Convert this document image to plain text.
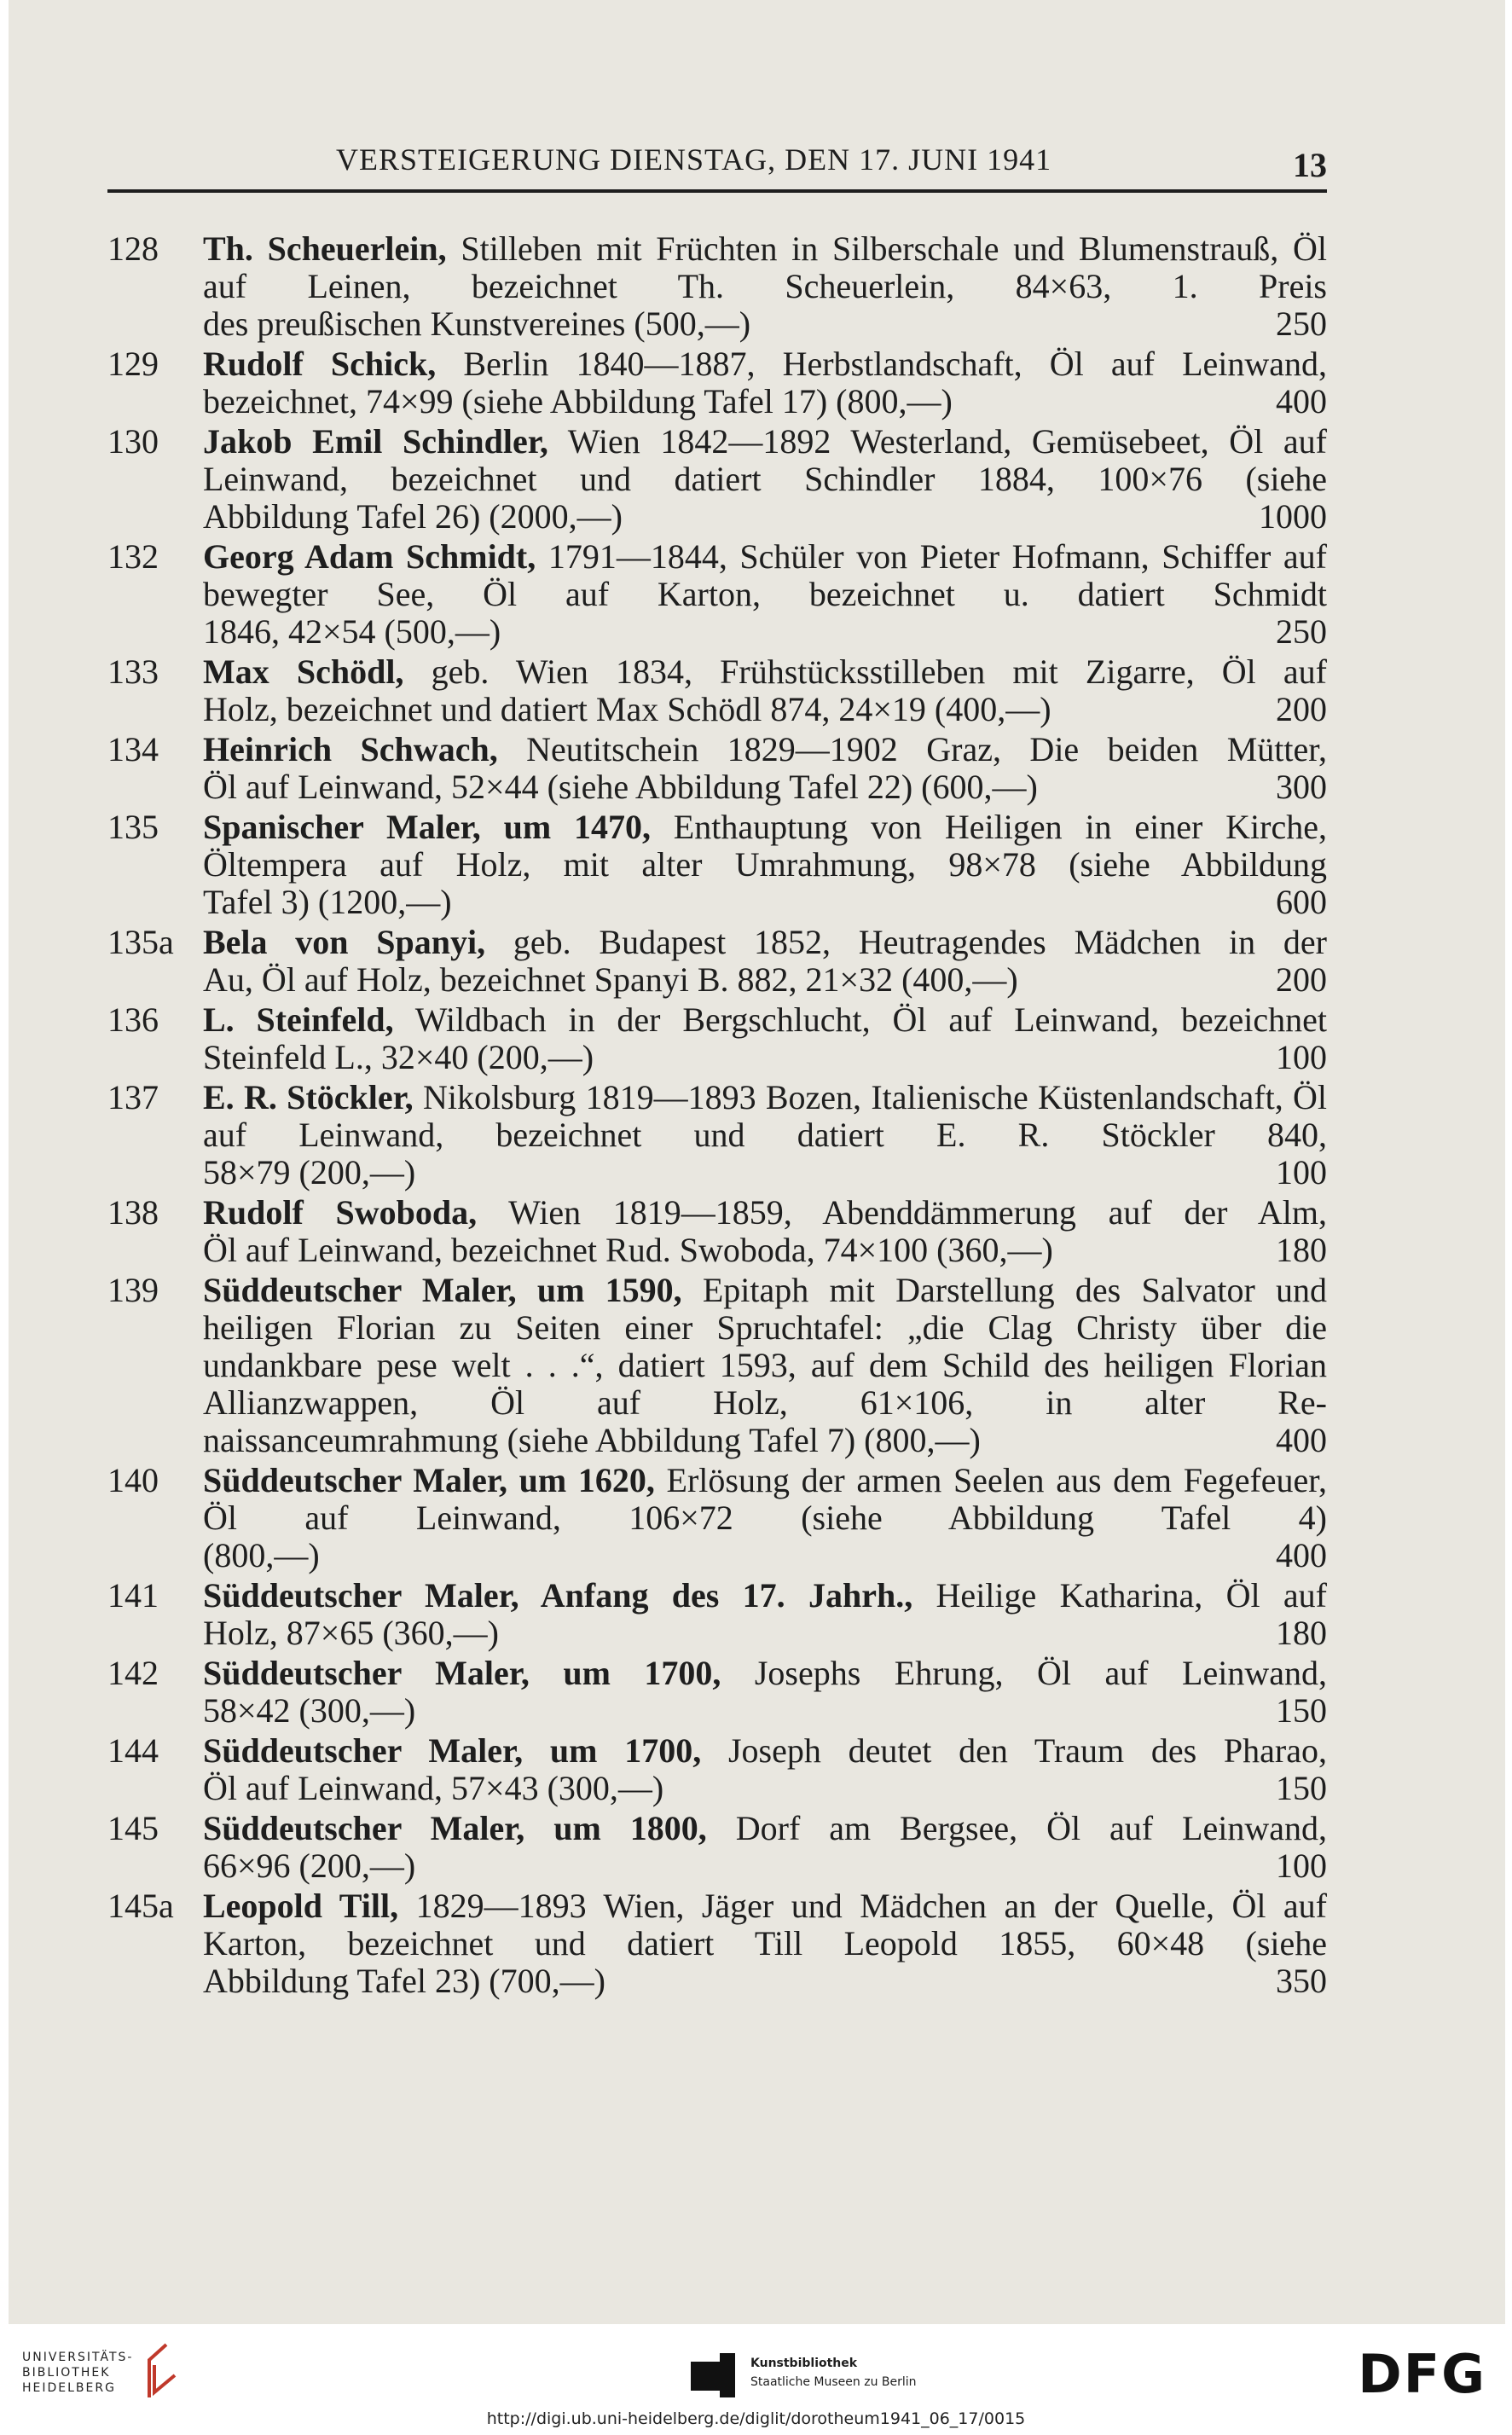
VERSTEIGERUNG DIENSTAG, DEN 17. JUNI 1941	13
128 Th. Scheuerlein, Stilleben mit Früchten in Silberschale und Blumenstrauß, Öl auf Leinen, bezeichnet Th. Scheuerlein, 84×63, 1. Preis
des preußischen Kunstvereines (500,—)	250
129 Rudolf Schick, Berlin 1840—1887, Herbstlandschaft, Öl auf Leinwand,
bezeichnet, 74×99 (siehe Abbildung Tafel 17) (800,—)	400
130 Jakob Emil Schindler, Wien 1842—1892 Westerland, Gemüsebeet, Öl auf Leinwand, bezeichnet und datiert Schindler 1884, 100×76 (siehe
Abbildung Tafel 26) (2000,—)	1000
132 Georg Adam Schmidt, 1791—1844, Schüler von Pieter Hofmann, Schiffer auf bewegter See, Öl auf Karton, bezeichnet u. datiert Schmidt
1846, 42×54 (500,—)	250
133 Max Schödl, geb. Wien 1834, Frühstücksstilleben mit Zigarre, Öl auf
Holz, bezeichnet und datiert Max Schödl 874, 24×19 (400,—)	200
134 Heinrich Schwach, Neutitschein 1829—1902 Graz, Die beiden Mütter,
Öl auf Leinwand, 52×44 (siehe Abbildung Tafel 22) (600,—)	300
135 Spanischer Maler, um 1470, Enthauptung von Heiligen in einer Kirche, Öltempera auf Holz, mit alter Umrahmung, 98×78 (siehe Abbildung
Tafel 3) (1200,—)	600
135a Bela von Spanyi, geb. Budapest 1852, Heutragendes Mädchen in der
Au, Öl auf Holz, bezeichnet Spanyi B. 882, 21×32 (400,—)	200
136 L. Steinfeld, Wildbach in der Bergschlucht, Öl auf Leinwand, bezeichnet
Steinfeld L., 32×40 (200,—)	100
137 E. R. Stöckler, Nikolsburg 1819—1893 Bozen, Italienische Küstenlandschaft, Öl auf Leinwand, bezeichnet und datiert E. R. Stöckler 840,
58×79 (200,—)	100
138 Rudolf Swoboda, Wien 1819—1859, Abenddämmerung auf der Alm,
Öl auf Leinwand, bezeichnet Rud. Swoboda, 74×100 (360,—)	180
139 Süddeutscher Maler, um 1590, Epitaph mit Darstellung des Salvator und heiligen Florian zu Seiten einer Spruchtafel: „die Clag Christy über die undankbare pese welt . . .“, datiert 1593, auf dem Schild des heiligen Florian Allianzwappen, Öl auf Holz, 61×106, in alter Re-
naissanceumrahmung (siehe Abbildung Tafel 7) (800,—)	400
140 Süddeutscher Maler, um 1620, Erlösung der armen Seelen aus dem Fegefeuer, Öl auf Leinwand, 106×72 (siehe Abbildung Tafel 4)
(800,—)	400
141 Süddeutscher Maler, Anfang des 17. Jahrh., Heilige Katharina, Öl auf
Holz, 87×65 (360,—)	180
142 Süddeutscher Maler, um 1700, Josephs Ehrung, Öl auf Leinwand,
58×42 (300,—)	150
144 Süddeutscher Maler, um 1700, Joseph deutet den Traum des Pharao,
Öl auf Leinwand, 57×43 (300,—)	150
145 Süddeutscher Maler, um 1800, Dorf am Bergsee, Öl auf Leinwand,
66×96 (200,—)	100
145a Leopold Till, 1829—1893 Wien, Jäger und Mädchen an der Quelle, Öl auf Karton, bezeichnet und datiert Till Leopold 1855, 60×48 (siehe
Abbildung Tafel 23) (700,—)	350
UNIVERSITÄTS-
BIBLIOTHEK
HEIDELBERG
Kunstbibliothek
Staatliche Museen zu Berlin	DFG
http://digi.ub.uni-heidelberg.de/diglit/dorotheum1941_06_17/0015
